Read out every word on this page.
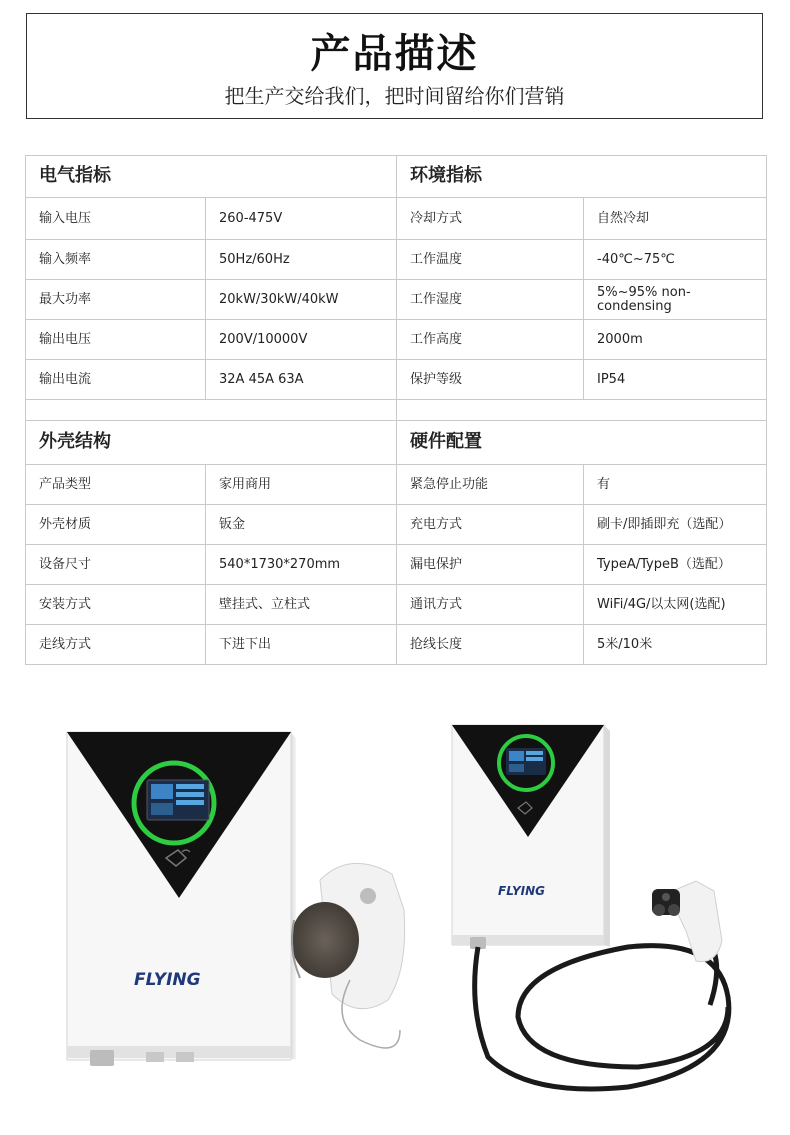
产品描述
把生产交给我们，把时间留给你们营销
电气指标		环境指标	
输入电压	260-475V	冷却方式	自然冷却
输入频率	50Hz/60Hz	工作温度	-40℃~75℃
最大功率	20kW/30kW/40kW	工作湿度	5%~95% non-condensing
输出电压	200V/10000V	工作高度	2000m
输出电流	32A 45A 63A	保护等级	IP54

外壳结构		硬件配置	
产品类型	家用商用	紧急停止功能	有
外壳材质	钣金	充电方式	刷卡/即插即充（选配）
设备尺寸	540*1730*270mm	漏电保护	TypeA/TypeB（选配）
安装方式	壁挂式、立柱式	通讯方式	WiFi/4G/以太网(选配)
走线方式	下进下出	抢线长度	5米/10米
FLYING
FLYING
